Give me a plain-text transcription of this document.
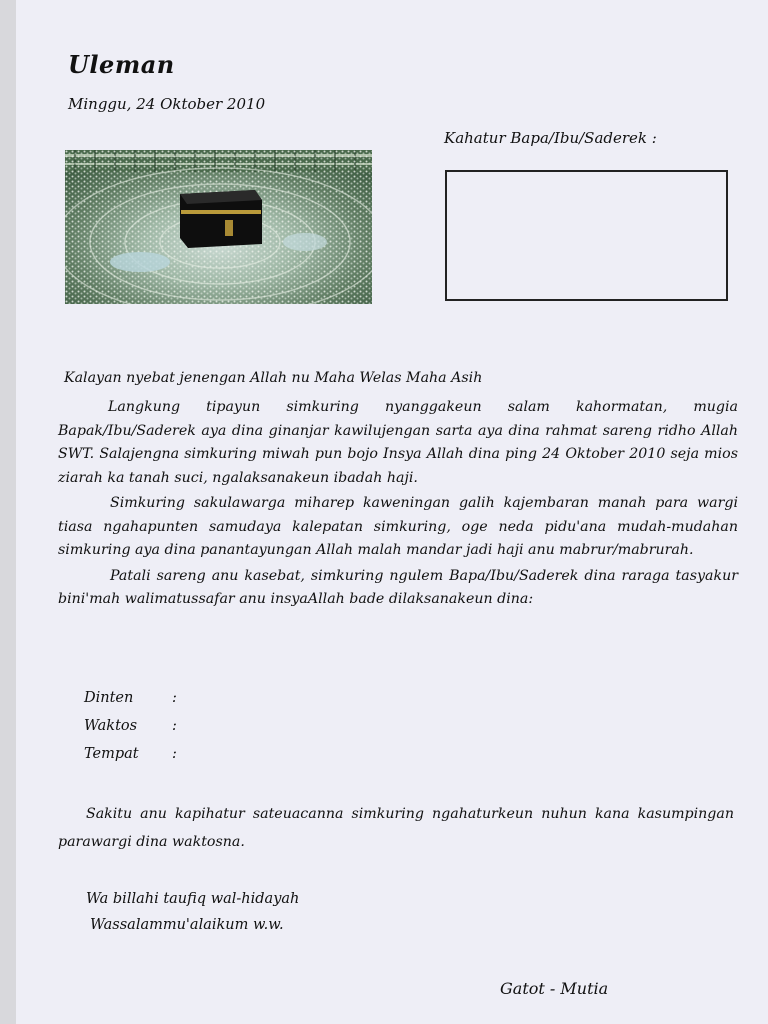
Uleman
Minggu, 24 Oktober 2010
Kahatur Bapa/Ibu/Saderek :
Kalayan nyebat jenengan Allah nu Maha Welas Maha Asih

Langkung tipayun simkuring nyanggakeun salam kahormatan, mugia Bapak/Ibu/Saderek aya dina ginanjar kawilujengan sarta aya dina rahmat sareng ridho Allah SWT. Salajengna simkuring miwah pun bojo Insya Allah dina ping 24 Oktober 2010 seja mios ziarah ka tanah suci, ngalaksanakeun ibadah haji.

Simkuring sakulawarga miharep kaweningan galih kajembaran manah para wargi tiasa ngahapunten samudaya kalepatan simkuring, oge neda pidu'ana mudah-mudahan simkuring aya dina panantayungan Allah malah mandar jadi haji anu mabrur/mabrurah.

Patali sareng anu kasebat, simkuring ngulem Bapa/Ibu/Saderek dina raraga tasyakur bini'mah walimatussafar anu insyaAllah bade dilaksanakeun dina:

Dinten	:
Waktos	:
Tempat	:

Sakitu anu kapihatur sateuacanna simkuring ngahaturkeun nuhun kana kasumpingan parawargi dina waktosna.

Wa billahi taufiq wal-hidayah
Wassalammu'alaikum w.w.
Gatot - Mutia
